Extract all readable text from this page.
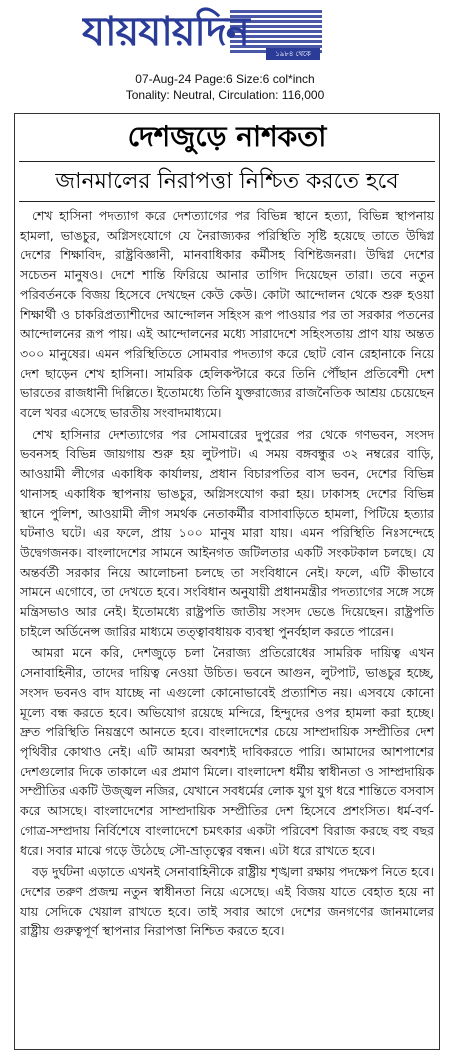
যায়যায়দিন	১৯৮৪ থেকে
07-Aug-24 Page:6 Size:6 col*inch
Tonality: Neutral, Circulation: 116,000
দেশজুড়ে নাশকতা
জানমালের নিরাপত্তা নিশ্চিত করতে হবে

শেখ হাসিনা পদত্যাগ করে দেশত্যাগের পর বিভিন্ন স্থানে হত্যা, বিভিন্ন স্থাপনায় হামলা, ভাঙচুর, অগ্নিসংযোগে যে নৈরাজ্যকর পরিস্থিতি সৃষ্টি হয়েছে তাতে উদ্বিগ্ন দেশের শিক্ষাবিদ, রাষ্ট্রবিজ্ঞানী, মানবাধিকার কর্মীসহ বিশিষ্টজনরা। উদ্বিগ্ন দেশের সচেতন মানুষও। দেশে শান্তি ফিরিয়ে আনার তাগিদ দিয়েছেন তারা। তবে নতুন পরিবর্তনকে বিজয় হিসেবে দেখছেন কেউ কেউ। কোটা আন্দোলন থেকে শুরু হওয়া শিক্ষার্থী ও চাকরিপ্রত্যাশীদের আন্দোলন সহিংস রূপ পাওয়ার পর তা সরকার পতনের আন্দোলনের রূপ পায়। এই আন্দোলনের মধ্যে সারাদেশে সহিংসতায় প্রাণ যায় অন্তত ৩০০ মানুষের। এমন পরিস্থিতিতে সোমবার পদত্যাগ করে ছোট বোন রেহানাকে নিয়ে দেশ ছাড়েন শেখ হাসিনা। সামরিক হেলিকপ্টারে করে তিনি পৌঁছান প্রতিবেশী দেশ ভারতের রাজধানী দিল্লিতে। ইতোমধ্যে তিনি যুক্তরাজ্যের রাজনৈতিক আশ্রয় চেয়েছেন বলে খবর এসেছে ভারতীয় সংবাদমাধ্যমে।

শেখ হাসিনার দেশত্যাগের পর সোমবারের দুপুরের পর থেকে গণভবন, সংসদ ভবনসহ বিভিন্ন জায়গায় শুরু হয় লুটপাট। এ সময় বঙ্গবন্ধুর ৩২ নম্বরের বাড়ি, আওয়ামী লীগের একাধিক কার্যালয়, প্রধান বিচারপতির বাস ভবন, দেশের বিভিন্ন থানাসহ একাধিক স্থাপনায় ভাঙচুর, অগ্নিসংযোগ করা হয়। ঢাকাসহ দেশের বিভিন্ন স্থানে পুলিশ, আওয়ামী লীগ সমর্থক নেতাকর্মীর বাসাবাড়িতে হামলা, পিটিয়ে হত্যার ঘটনাও ঘটে। এর ফলে, প্রায় ১০০ মানুষ মারা যায়। এমন পরিস্থিতি নিঃসন্দেহে উদ্বেগজনক। বাংলাদেশের সামনে আইনগত জটিলতার একটি সংকটকাল চলছে। যে অন্তর্বর্তী সরকার নিয়ে আলোচনা চলছে তা সংবিধানে নেই। ফলে, এটি কীভাবে সামনে এগোবে, তা দেখতে হবে। সংবিধান অনুযায়ী প্রধানমন্ত্রীর পদত্যাগের সঙ্গে সঙ্গে মন্ত্রিসভাও আর নেই। ইতোমধ্যে রাষ্ট্রপতি জাতীয় সংসদ ভেঙে দিয়েছেন। রাষ্ট্রপতি চাইলে অর্ডিনেন্স জারির মাধ্যমে তত্ত্বাবধায়ক ব্যবস্থা পুনর্বহাল করতে পারেন।

আমরা মনে করি, দেশজুড়ে চলা নৈরাজ্য প্রতিরোধের সামরিক দায়িত্ব এখন সেনাবাহিনীর, তাদের দায়িত্ব নেওয়া উচিত। ভবনে আগুন, লুটপাট, ভাঙচুর হচ্ছে, সংসদ ভবনও বাদ যাচ্ছে না এগুলো কোনোভাবেই প্রত্যাশিত নয়। এসবযে কোনো মূল্যে বন্ধ করতে হবে। অভিযোগ রয়েছে মন্দিরে, হিন্দুদের ওপর হামলা করা হচ্ছে। দ্রুত পরিস্থিতি নিয়ন্ত্রণে আনতে হবে। বাংলাদেশের চেয়ে সাম্প্রদায়িক সম্প্রীতির দেশ পৃথিবীর কোথাও নেই। এটি আমরা অবশ্যই দাবিকরতে পারি। আমাদের আশপাশের দেশগুলোর দিকে তাকালে এর প্রমাণ মিলে। বাংলাদেশ ধর্মীয় স্বাধীনতা ও সাম্প্রদায়িক সম্প্রীতির একটি উজ্জ্বল নজির, যেখানে সবধর্মের লোক যুগ যুগ ধরে শান্তিতে বসবাস করে আসছে। বাংলাদেশের সাম্প্রদায়িক সম্প্রীতির দেশ হিসেবে প্রশংসিত। ধর্ম-বর্ণ-গোত্র-সম্প্রদায় নির্বিশেষে বাংলাদেশে চমৎকার একটা পরিবেশ বিরাজ করছে বহু বছর ধরে। সবার মাঝে গড়ে উঠেছে সৌ-ভ্রাতৃত্বের বন্ধন। এটা ধরে রাখতে হবে।

বড় দুর্ঘটনা এড়াতে এখনই সেনাবাহিনীকে রাষ্ট্রীয় শৃঙ্খলা রক্ষায় পদক্ষেপ নিতে হবে। দেশের তরুণ প্রজন্ম নতুন স্বাধীনতা নিয়ে এসেছে। এই বিজয় যাতে বেহাত হয়ে না যায় সেদিকে খেয়াল রাখতে হবে। তাই সবার আগে দেশের জনগণের জানমালের রাষ্ট্রীয় গুরুত্বপূর্ণ স্থাপনার নিরাপত্তা নিশ্চিত করতে হবে।
